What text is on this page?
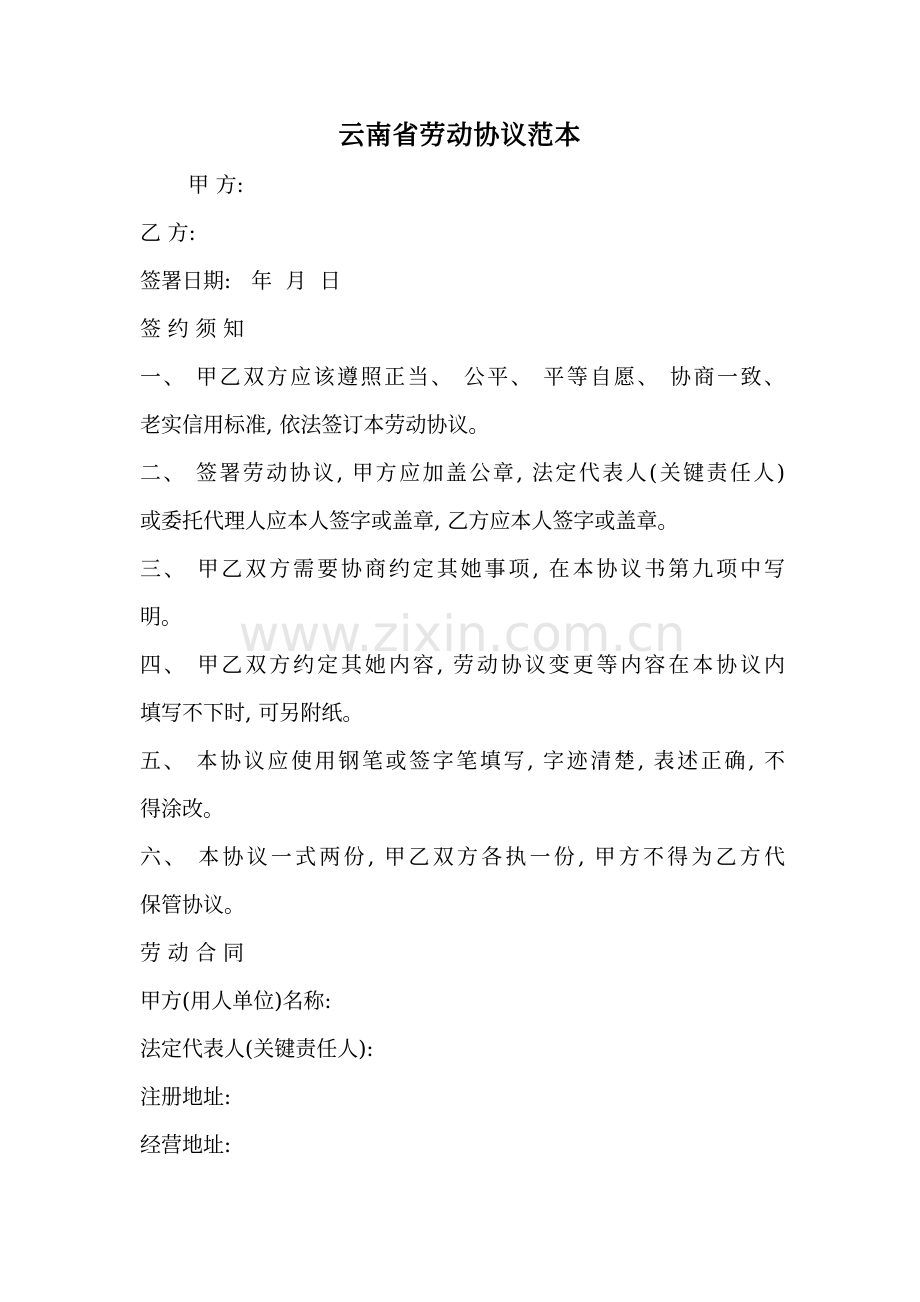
云南省劳动协议范本
甲 方:
乙 方:
签署日期:   年  月  日
签 约 须 知
一、 甲乙双方应该遵照正当、 公平、 平等自愿、 协商一致、
老实信用标准, 依法签订本劳动协议。
二、 签署劳动协议, 甲方应加盖公章, 法定代表人(关键责任人)
或委托代理人应本人签字或盖章, 乙方应本人签字或盖章。
三、 甲乙双方需要协商约定其她事项, 在本协议书第九项中写
明。
四、 甲乙双方约定其她内容, 劳动协议变更等内容在本协议内
填写不下时, 可另附纸。
五、 本协议应使用钢笔或签字笔填写, 字迹清楚, 表述正确, 不
得涂改。
六、 本协议一式两份, 甲乙双方各执一份, 甲方不得为乙方代
保管协议。
劳 动 合 同
甲方(用人单位)名称:
法定代表人(关键责任人):
注册地址:
经营地址:
www.zixin.com.cn
